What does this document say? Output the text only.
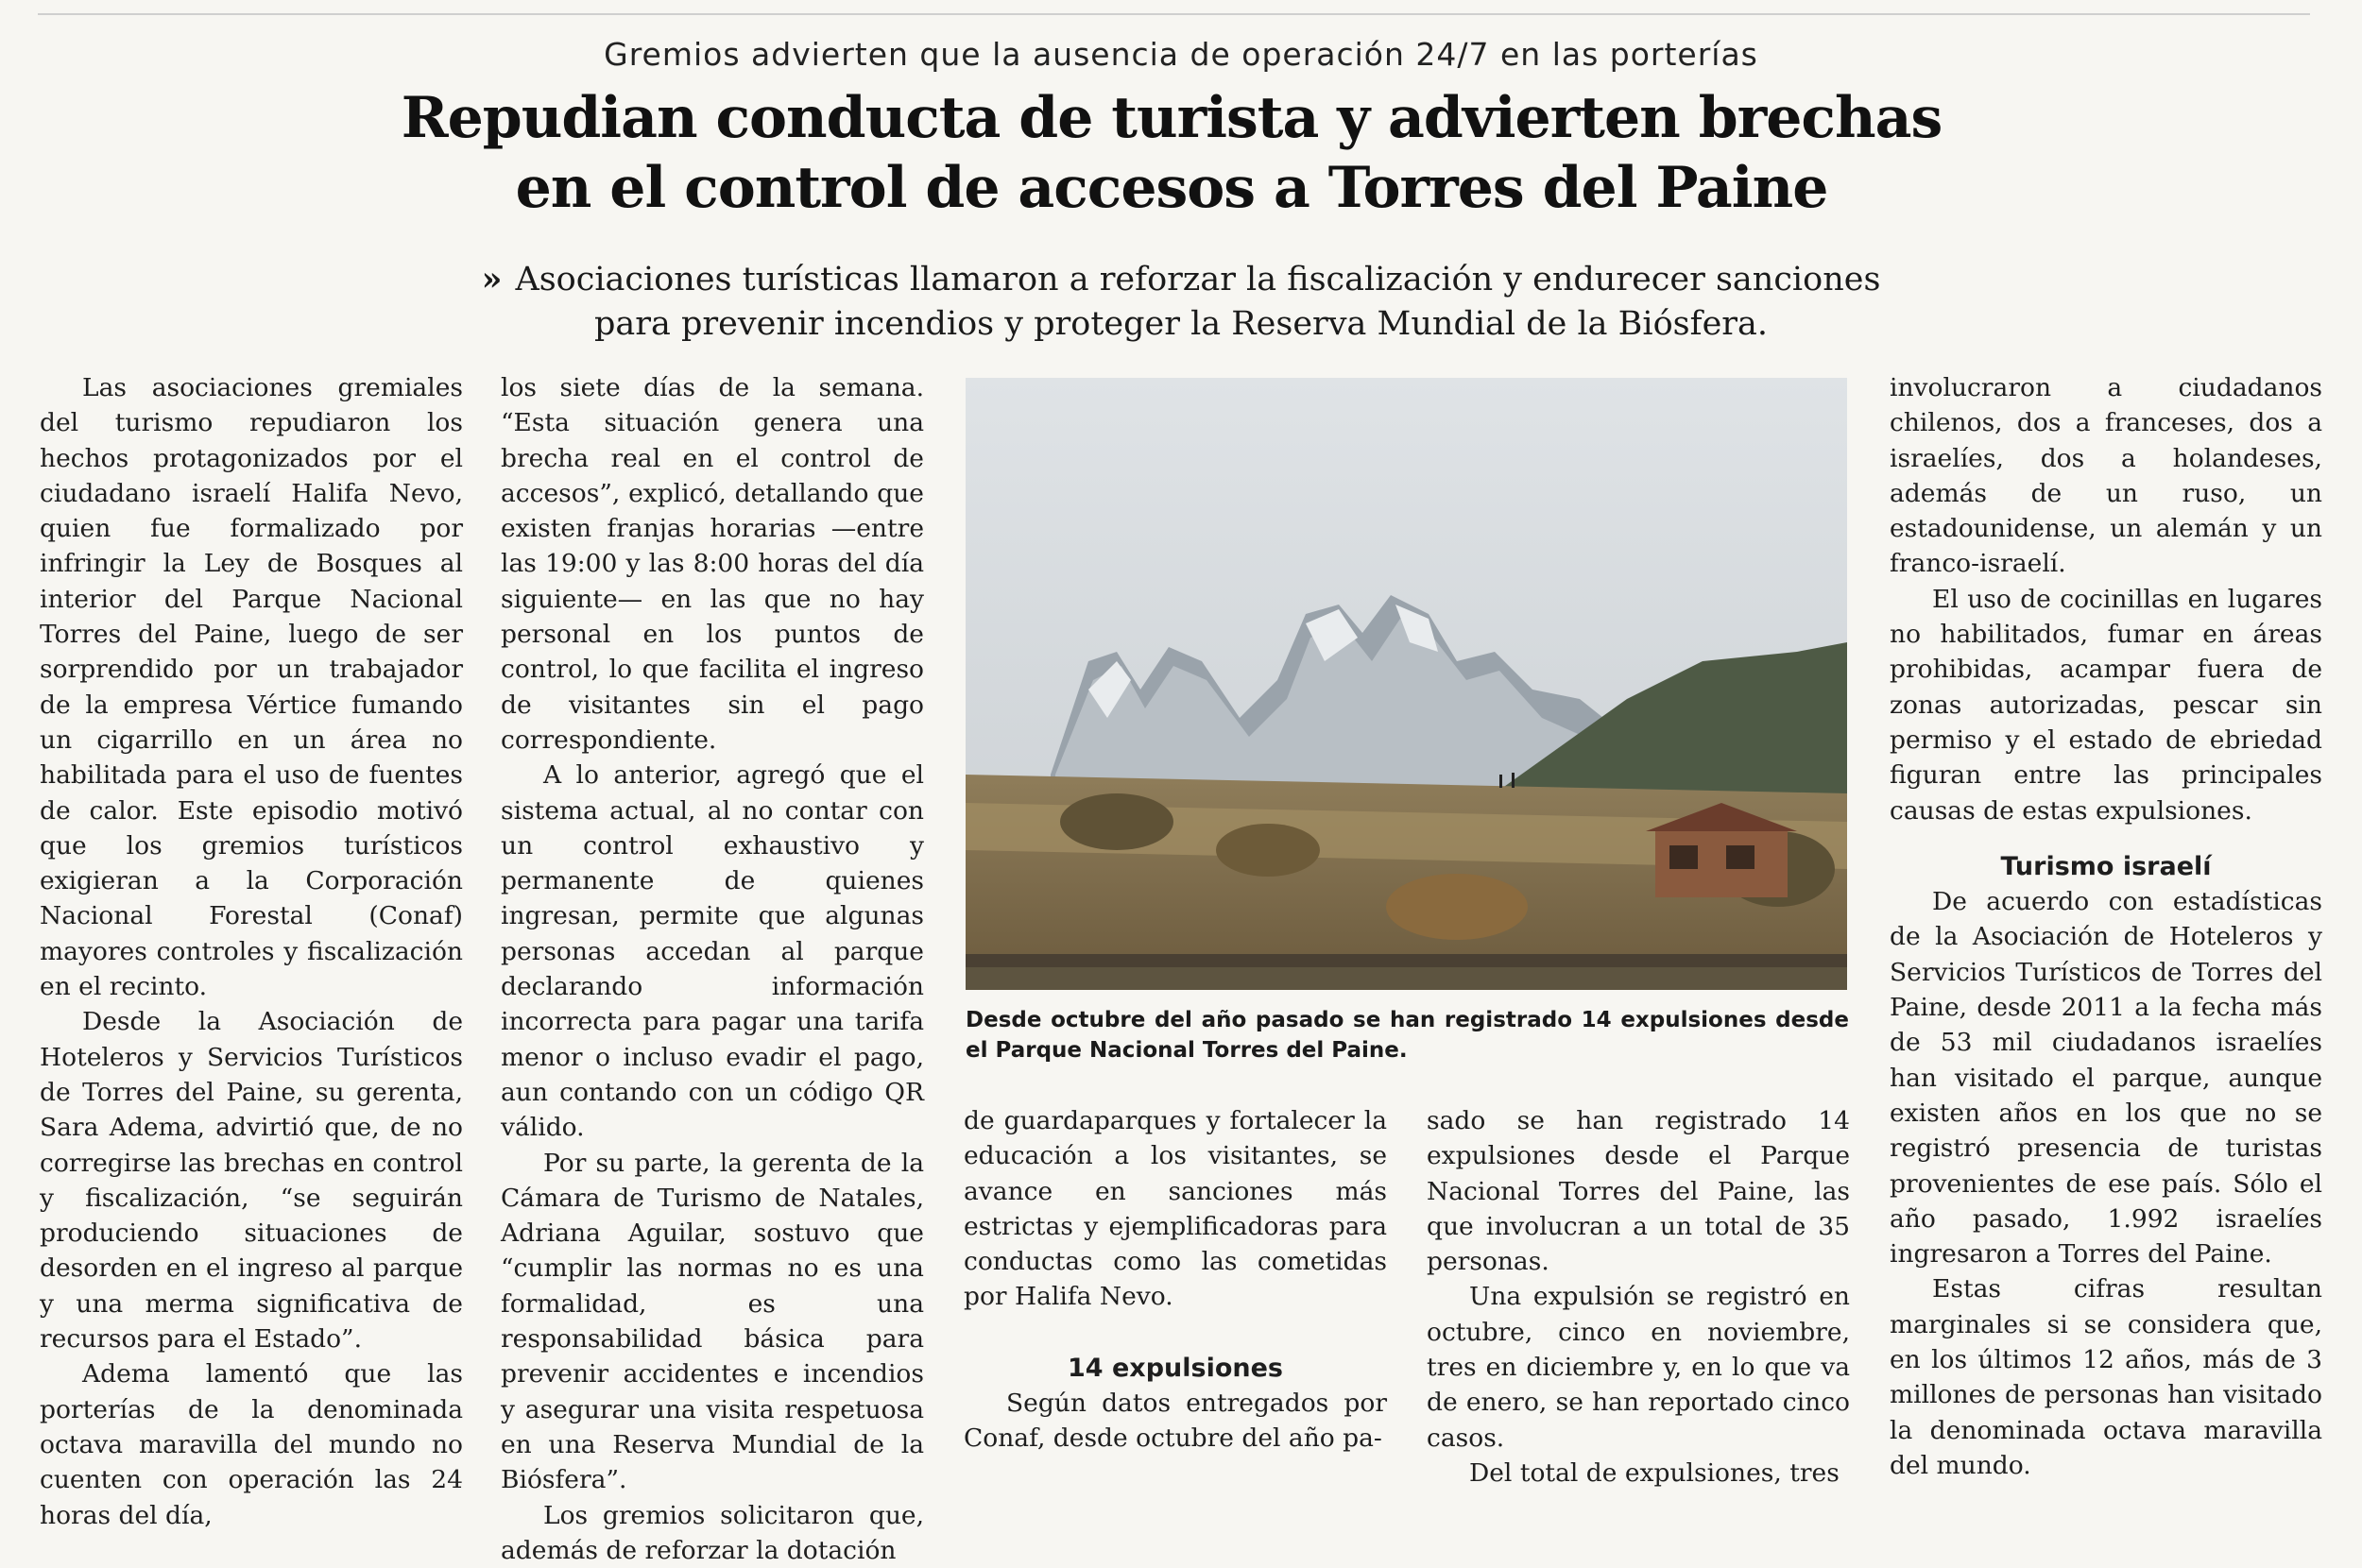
Gremios advierten que la ausencia de operación 24/7 en las porterías
Repudian conducta de turista y advierten brechas
en el control de accesos a Torres del Paine
» Asociaciones turísticas llamaron a reforzar la fiscalización y endurecer sanciones para prevenir incendios y proteger la Reserva Mundial de la Biósfera.

Las asociaciones gremiales del turismo repudiaron los hechos protagonizados por el ciudadano israelí Halifa Nevo, quien fue formalizado por infringir la Ley de Bosques al interior del Parque Nacional Torres del Paine, luego de ser sorprendido por un trabajador de la empresa Vértice fumando un cigarrillo en un área no habilitada para el uso de fuentes de calor. Este episodio motivó que los gremios turísticos exigieran a la Corporación Nacional Forestal (Conaf) mayores controles y fiscalización en el recinto.

Desde la Asociación de Hoteleros y Servicios Turísticos de Torres del Paine, su gerenta, Sara Adema, advirtió que, de no corregirse las brechas en control y fiscalización, “se seguirán produciendo situaciones de desorden en el ingreso al parque y una merma significativa de recursos para el Estado”.

Adema lamentó que las porterías de la denominada octava maravilla del mundo no cuenten con operación las 24 horas del día,

los siete días de la semana. “Esta situación genera una brecha real en el control de accesos”, explicó, detallando que existen franjas horarias —entre las 19:00 y las 8:00 horas del día siguiente— en las que no hay personal en los puntos de control, lo que facilita el ingreso de visitantes sin el pago correspondiente.

A lo anterior, agregó que el sistema actual, al no contar con un control exhaustivo y permanente de quienes ingresan, permite que algunas personas accedan al parque declarando información incorrecta para pagar una tarifa menor o incluso evadir el pago, aun contando con un código QR válido.

Por su parte, la gerenta de la Cámara de Turismo de Natales, Adriana Aguilar, sostuvo que “cumplir las normas no es una formalidad, es una responsabilidad básica para prevenir accidentes e incendios y asegurar una visita respetuosa en una Reserva Mundial de la Biósfera”.

Los gremios solicitaron que, además de reforzar la dotación

Desde octubre del año pasado se han registrado 14 expulsiones desde el Parque Nacional Torres del Paine.

de guardaparques y fortalecer la educación a los visitantes, se avance en sanciones más estrictas y ejemplificadoras para conductas como las cometidas por Halifa Nevo.

14 expulsiones

Según datos entregados por Conaf, desde octubre del año pa-

sado se han registrado 14 expulsiones desde el Parque Nacional Torres del Paine, las que involucran a un total de 35 personas.

Una expulsión se registró en octubre, cinco en noviembre, tres en diciembre y, en lo que va de enero, se han reportado cinco casos.

Del total de expulsiones, tres

involucraron a ciudadanos chilenos, dos a franceses, dos a israelíes, dos a holandeses, además de un ruso, un estadounidense, un alemán y un franco-israelí.

El uso de cocinillas en lugares no habilitados, fumar en áreas prohibidas, acampar fuera de zonas autorizadas, pescar sin permiso y el estado de ebriedad figuran entre las principales causas de estas expulsiones.

Turismo israelí

De acuerdo con estadísticas de la Asociación de Hoteleros y Servicios Turísticos de Torres del Paine, desde 2011 a la fecha más de 53 mil ciudadanos israelíes han visitado el parque, aunque existen años en los que no se registró presencia de turistas provenientes de ese país. Sólo el año pasado, 1.992 israelíes ingresaron a Torres del Paine.

Estas cifras resultan marginales si se considera que, en los últimos 12 años, más de 3 millones de personas han visitado la denominada octava maravilla del mundo.
